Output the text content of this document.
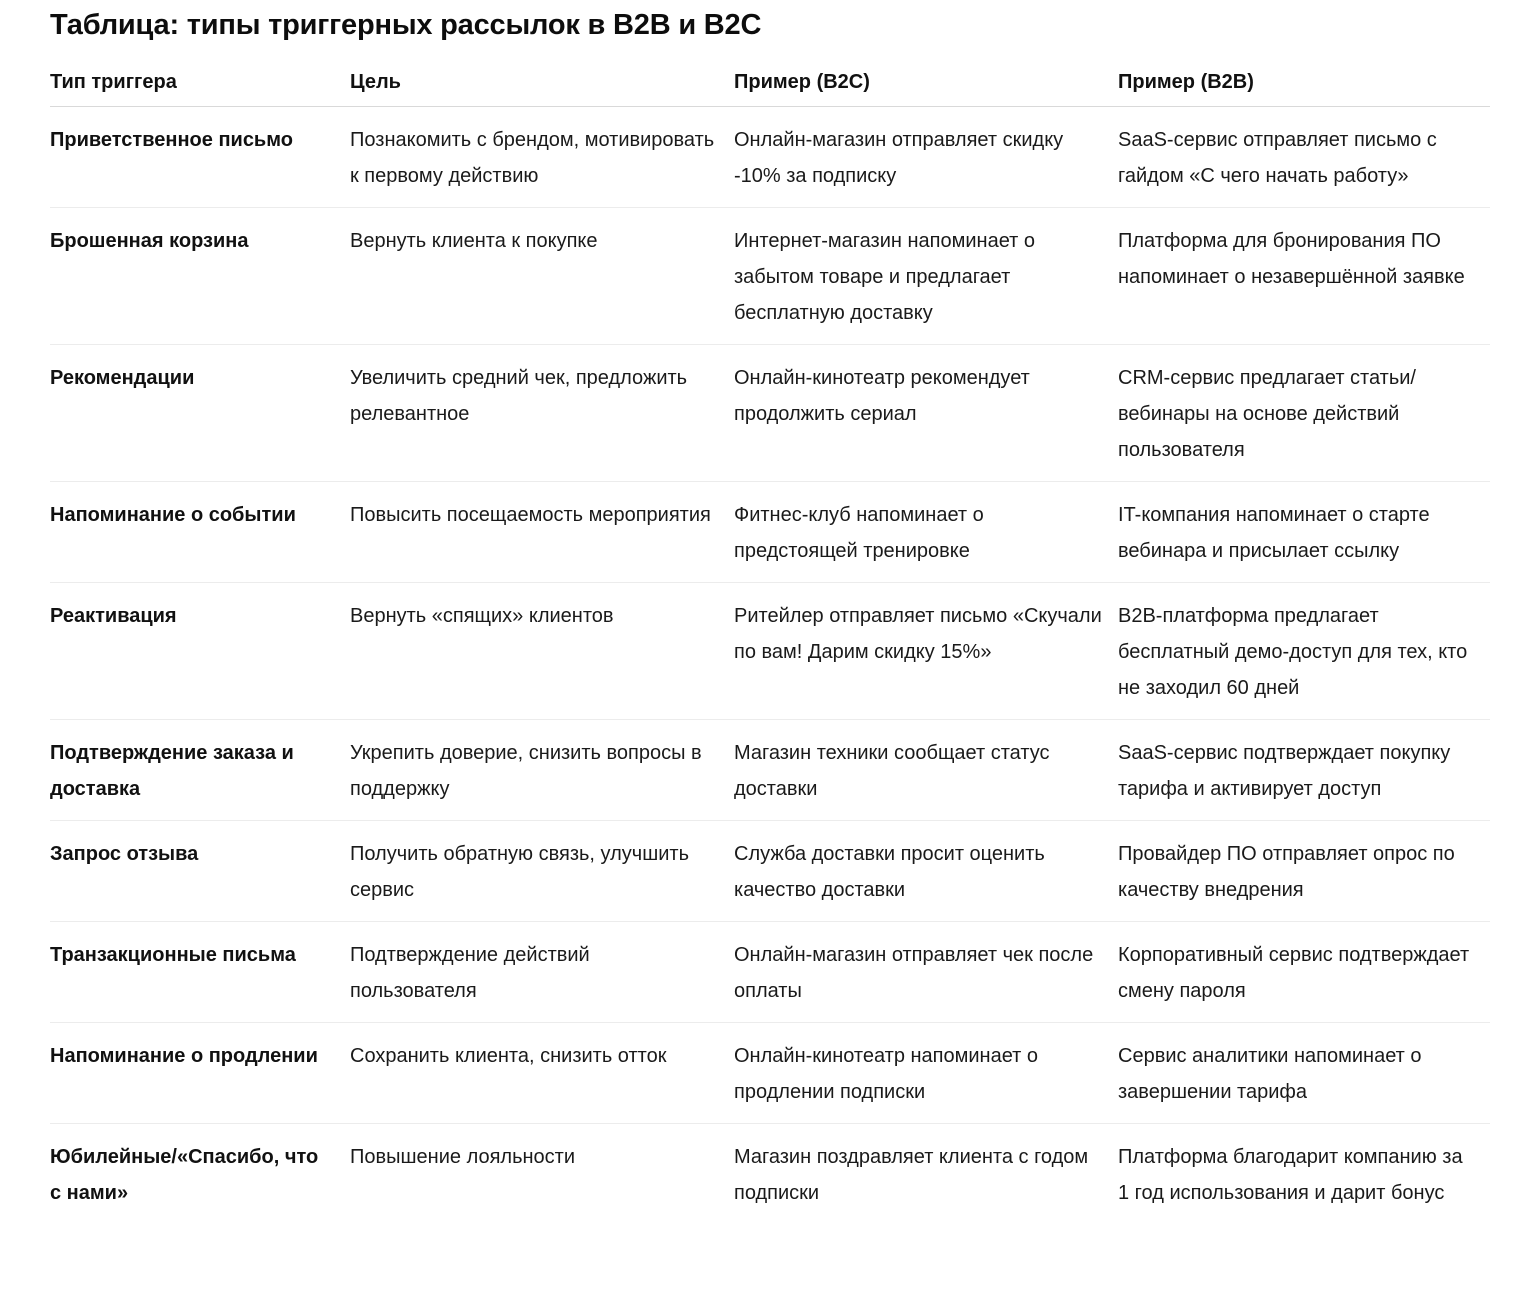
Таблица: типы триггерных рассылок в B2B и B2C
Тип триггера	Цель	Пример (B2C)	Пример (B2B)
Приветственное письмо	Познакомить с брендом, мотивировать к первому действию	Онлайн-магазин отправляет скидку -10% за подписку	SaaS-сервис отправляет письмо с гайдом «С чего начать работу»
Брошенная корзина	Вернуть клиента к покупке	Интернет-магазин напоминает о забытом товаре и предлагает бесплатную доставку	Платформа для бронирования ПО напоминает о незавершённой заявке
Рекомендации	Увеличить средний чек, предложить релевантное	Онлайн-кинотеатр рекомендует продолжить сериал	CRM-сервис предлагает статьи/вебинары на основе действий пользователя
Напоминание о событии	Повысить посещаемость мероприятия	Фитнес-клуб напоминает о предстоящей тренировке	IT-компания напоминает о старте вебинара и присылает ссылку
Реактивация	Вернуть «спящих» клиентов	Ритейлер отправляет письмо «Скучали по вам! Дарим скидку 15%»	B2B-платформа предлагает бесплатный демо-доступ для тех, кто не заходил 60 дней
Подтверждение заказа и доставка	Укрепить доверие, снизить вопросы в поддержку	Магазин техники сообщает статус доставки	SaaS-сервис подтверждает покупку тарифа и активирует доступ
Запрос отзыва	Получить обратную связь, улучшить сервис	Служба доставки просит оценить качество доставки	Провайдер ПО отправляет опрос по качеству внедрения
Транзакционные письма	Подтверждение действий пользователя	Онлайн-магазин отправляет чек после оплаты	Корпоративный сервис подтверждает смену пароля
Напоминание о продлении	Сохранить клиента, снизить отток	Онлайн-кинотеатр напоминает о продлении подписки	Сервис аналитики напоминает о завершении тарифа
Юбилейные/«Спасибо, что с нами»	Повышение лояльности	Магазин поздравляет клиента с годом подписки	Платформа благодарит компанию за 1 год использования и дарит бонус
